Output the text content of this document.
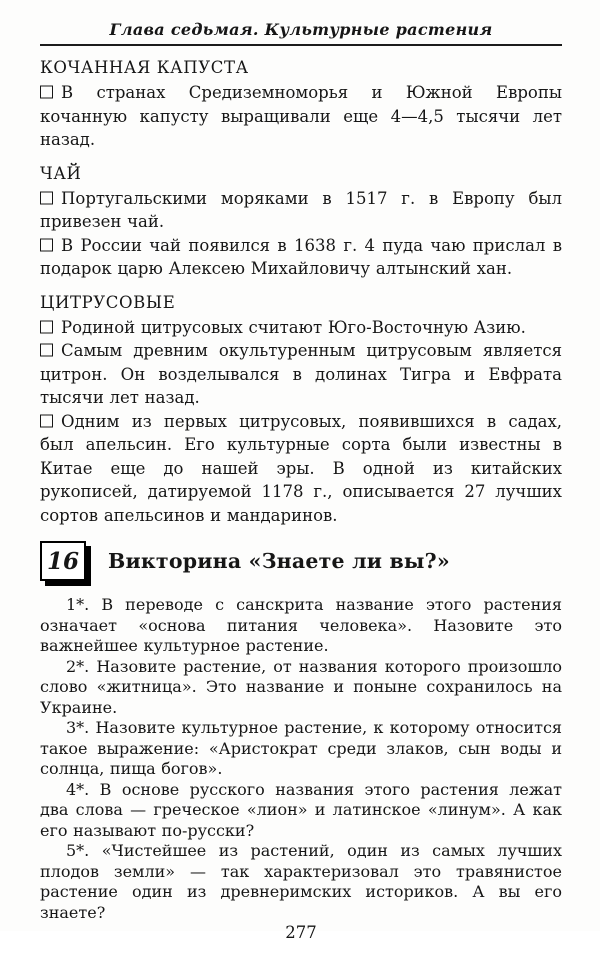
Глава седьмая. Культурные растения
КОЧАННАЯ КАПУСТА

В странах Средиземноморья и Южной Европы кочанную капусту выращивали еще 4—4,5 тысячи лет назад.

ЧАЙ

Португальскими моряками в 1517 г. в Европу был привезен чай.

В России чай появился в 1638 г. 4 пуда чаю прислал в подарок царю Алексею Михайловичу алтынский хан.

ЦИТРУСОВЫЕ

Родиной цитрусовых считают Юго-Восточную Азию.

Самым древним окультуренным цитрусовым является цитрон. Он возделывался в долинах Тигра и Евфрата тысячи лет назад.

Одним из первых цитрусовых, появившихся в садах, был апельсин. Его культурные сорта были известны в Китае еще до нашей эры. В одной из китайских рукописей, датируемой 1178 г., описывается 27 лучших сортов апельсинов и мандаринов.

16 Викторина «Знаете ли вы?»

1*. В переводе с санскрита название этого растения означает «основа питания человека». Назовите это важнейшее культурное растение.

2*. Назовите растение, от названия которого произошло слово «житница». Это название и поныне сохранилось на Украине.

3*. Назовите культурное растение, к которому относится такое выражение: «Аристократ среди злаков, сын воды и солнца, пища богов».

4*. В основе русского названия этого растения лежат два слова — греческое «лион» и латинское «линум». А как его называют по-русски?

5*. «Чистейшее из растений, один из самых лучших плодов земли» — так характеризовал это травянистое растение один из древнеримских историков. А вы его знаете?

277
